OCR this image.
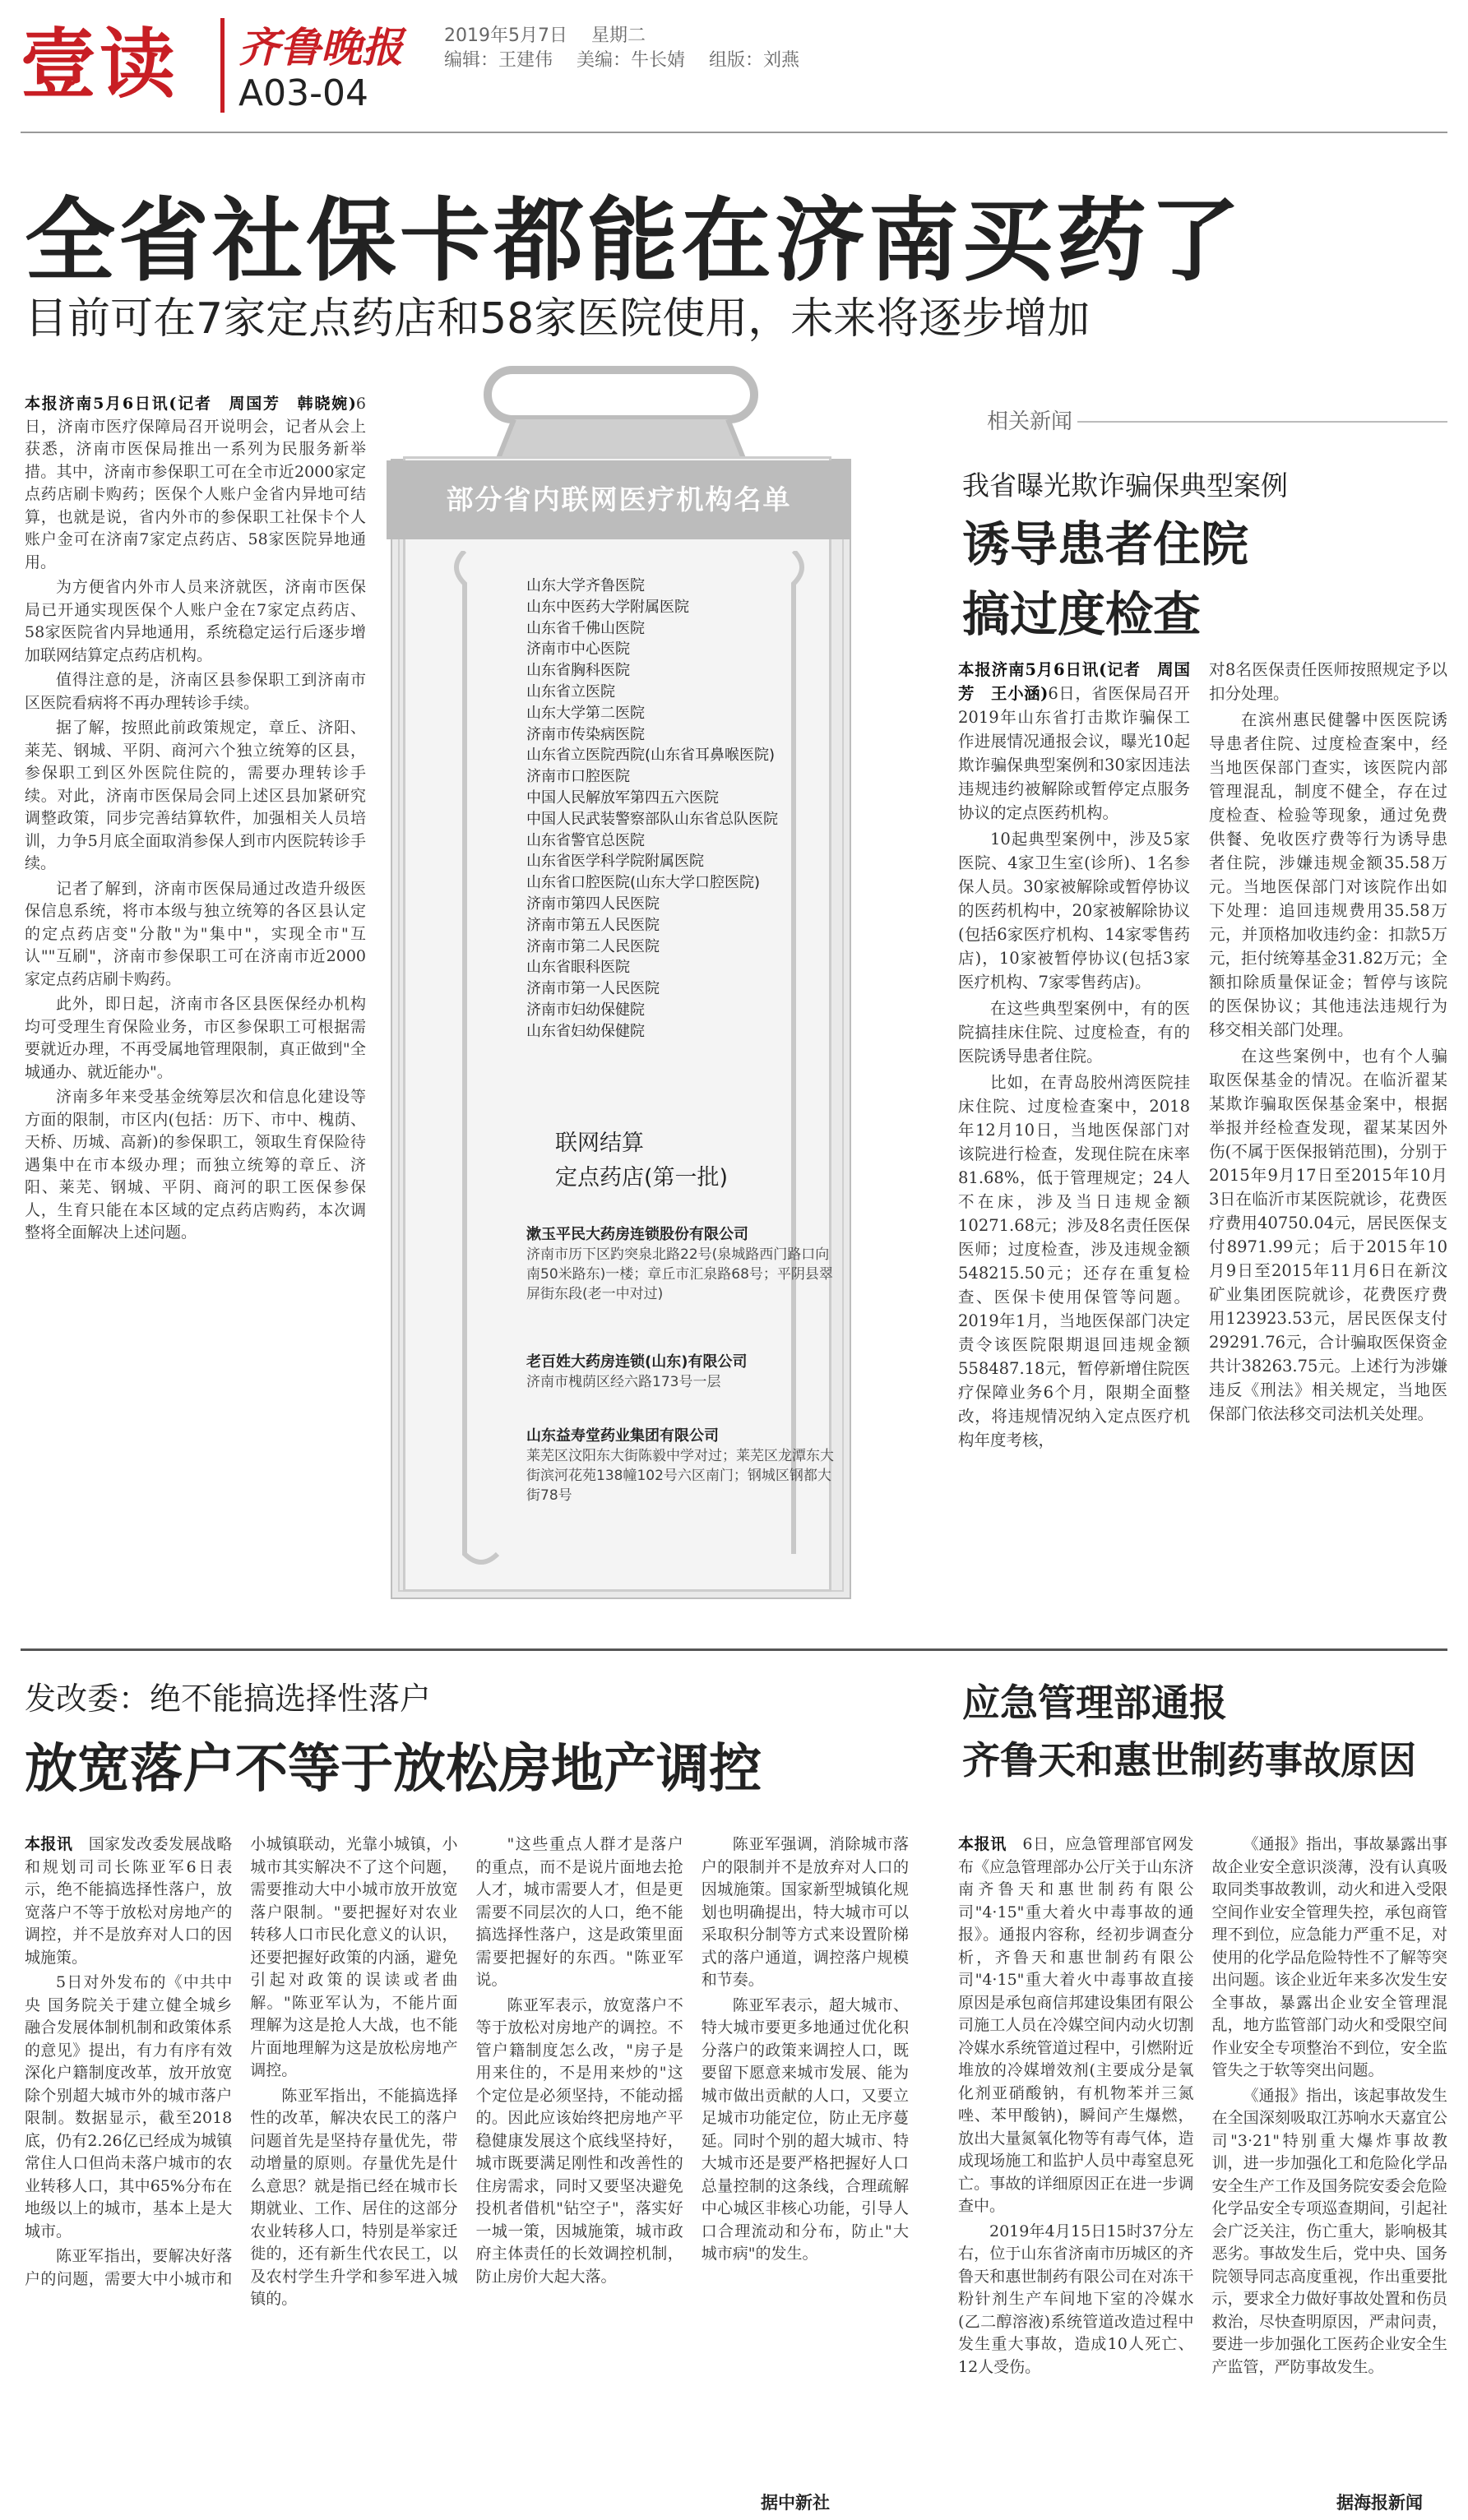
壹读 齐鲁晚报
A03-04
2019年5月7日　 星期二
编辑：王建伟　 美编：牛长婧　 组版：刘燕
全省社保卡都能在济南买药了
目前可在7家定点药店和58家医院使用，未来将逐步增加

本报济南5月6日讯(记者　周国芳　韩晓婉)6日，济南市医疗保障局召开说明会，记者从会上获悉，济南市医保局推出一系列为民服务新举措。其中，济南市参保职工可在全市近2000家定点药店刷卡购药；医保个人账户金省内异地可结算，也就是说，省内外市的参保职工社保卡个人账户金可在济南7家定点药店、58家医院异地通用。

为方便省内外市人员来济就医，济南市医保局已开通实现医保个人账户金在7家定点药店、58家医院省内异地通用，系统稳定运行后逐步增加联网结算定点药店机构。

值得注意的是，济南区县参保职工到济南市区医院看病将不再办理转诊手续。

据了解，按照此前政策规定，章丘、济阳、莱芜、钢城、平阴、商河六个独立统筹的区县，参保职工到区外医院住院的，需要办理转诊手续。对此，济南市医保局会同上述区县加紧研究调整政策，同步完善结算软件，加强相关人员培训，力争5月底全面取消参保人到市内医院转诊手续。

记者了解到，济南市医保局通过改造升级医保信息系统，将市本级与独立统筹的各区县认定的定点药店变"分散"为"集中"，实现全市"互认""互刷"，济南市参保职工可在济南市近2000家定点药店刷卡购药。

此外，即日起，济南市各区县医保经办机构均可受理生育保险业务，市区参保职工可根据需要就近办理，不再受属地管理限制，真正做到"全城通办、就近能办"。

济南多年来受基金统筹层次和信息化建设等方面的限制，市区内(包括：历下、市中、槐荫、天桥、历城、高新)的参保职工，领取生育保险待遇集中在市本级办理；而独立统筹的章丘、济阳、莱芜、钢城、平阴、商河的职工医保参保人，生育只能在本区域的定点药店购药，本次调整将全面解决上述问题。

部分省内联网医疗机构名单
山东大学齐鲁医院
山东中医药大学附属医院
山东省千佛山医院
济南市中心医院
山东省胸科医院
山东省立医院
山东大学第二医院
济南市传染病医院
山东省立医院西院(山东省耳鼻喉医院)
济南市口腔医院
中国人民解放军第四五六医院
中国人民武装警察部队山东省总队医院
山东省警官总医院
山东省医学科学院附属医院
山东省口腔医院(山东大学口腔医院)
济南市第四人民医院
济南市第五人民医院
济南市第二人民医院
山东省眼科医院
济南市第一人民医院
济南市妇幼保健院
山东省妇幼保健院
联网结算
定点药店(第一批)
漱玉平民大药房连锁股份有限公司
济南市历下区趵突泉北路22号(泉城路西门路口向南50米路东)一楼；章丘市汇泉路68号；平阴县翠屏街东段(老一中对过)
老百姓大药房连锁(山东)有限公司
济南市槐荫区经六路173号一层
山东益寿堂药业集团有限公司
莱芜区汶阳东大街陈毅中学对过；莱芜区龙潭东大街滨河花苑138幢102号六区南门；钢城区钢都大街78号
相关新闻
我省曝光欺诈骗保典型案例
诱导患者住院
搞过度检查

本报济南5月6日讯(记者　周国芳　王小涵)6日，省医保局召开2019年山东省打击欺诈骗保工作进展情况通报会议，曝光10起欺诈骗保典型案例和30家因违法违规违约被解除或暂停定点服务协议的定点医药机构。

10起典型案例中，涉及5家医院、4家卫生室(诊所)、1名参保人员。30家被解除或暂停协议的医药机构中，20家被解除协议(包括6家医疗机构、14家零售药店)，10家被暂停协议(包括3家医疗机构、7家零售药店)。

在这些典型案例中，有的医院搞挂床住院、过度检查，有的医院诱导患者住院。

比如，在青岛胶州湾医院挂床住院、过度检查案中，2018年12月10日，当地医保部门对该院进行检查，发现住院在床率81.68%，低于管理规定；24人不在床，涉及当日违规金额10271.68元；涉及8名责任医保医师；过度检查，涉及违规金额548215.50元；还存在重复检查、医保卡使用保管等问题。2019年1月，当地医保部门决定责令该医院限期退回违规金额558487.18元，暂停新增住院医疗保障业务6个月，限期全面整改，将违规情况纳入定点医疗机构年度考核，

对8名医保责任医师按照规定予以扣分处理。

在滨州惠民健馨中医医院诱导患者住院、过度检查案中，经当地医保部门查实，该医院内部管理混乱，制度不健全，存在过度检查、检验等现象，通过免费供餐、免收医疗费等行为诱导患者住院，涉嫌违规金额35.58万元。当地医保部门对该院作出如下处理：追回违规费用35.58万元，并顶格加收违约金：扣款5万元，拒付统筹基金31.82万元；全额扣除质量保证金；暂停与该院的医保协议；其他违法违规行为移交相关部门处理。

在这些案例中，也有个人骗取医保基金的情况。在临沂翟某某欺诈骗取医保基金案中，根据举报并经检查发现，翟某某因外伤(不属于医保报销范围)，分别于2015年9月17日至2015年10月3日在临沂市某医院就诊，花费医疗费用40750.04元，居民医保支付8971.99元；后于2015年10月9日至2015年11月6日在新汶矿业集团医院就诊，花费医疗费用123923.53元，居民医保支付29291.76元，合计骗取医保资金共计38263.75元。上述行为涉嫌违反《刑法》相关规定，当地医保部门依法移交司法机关处理。

发改委：绝不能搞选择性落户
放宽落户不等于放松房地产调控

本报讯　 国家发改委发展战略和规划司司长陈亚军6日表示，绝不能搞选择性落户，放宽落户不等于放松对房地产的调控，并不是放弃对人口的因城施策。

5日对外发布的《中共中央 国务院关于建立健全城乡融合发展体制机制和政策体系的意见》提出，有力有序有效深化户籍制度改革，放开放宽除个别超大城市外的城市落户限制。数据显示，截至2018底，仍有2.26亿已经成为城镇常住人口但尚未落户城市的农业转移人口，其中65%分布在地级以上的城市，基本上是大城市。

陈亚军指出，要解决好落户的问题，需要大中小城市和小城镇联动，光靠小城镇，小城市其实解决不了这个问题，需要推动大中小城市放开放宽落户限制。"要把握好对农业转移人口市民化意义的认识，还要把握好政策的内涵，避免引起对政策的误读或者曲解。"陈亚军认为，不能片面理解为这是抢人大战，也不能片面地理解为这是放松房地产调控。

陈亚军指出，不能搞选择性的改革，解决农民工的落户问题首先是坚持存量优先，带动增量的原则。存量优先是什么意思？就是指已经在城市长期就业、工作、居住的这部分农业转移人口，特别是举家迁徙的，还有新生代农民工，以及农村学生升学和参军进入城镇的。

"这些重点人群才是落户的重点，而不是说片面地去抢人才，城市需要人才，但是更需要不同层次的人口，绝不能搞选择性落户，这是政策里面需要把握好的东西。"陈亚军说。

陈亚军表示，放宽落户不等于放松对房地产的调控。不管户籍制度怎么改，"房子是用来住的，不是用来炒的"这个定位是必须坚持，不能动摇的。因此应该始终把房地产平稳健康发展这个底线坚持好，城市既要满足刚性和改善性的住房需求，同时又要坚决避免投机者借机"钻空子"，落实好一城一策，因城施策，城市政府主体责任的长效调控机制，防止房价大起大落。

陈亚军强调，消除城市落户的限制并不是放弃对人口的因城施策。国家新型城镇化规划也明确提出，特大城市可以采取积分制等方式来设置阶梯式的落户通道，调控落户规模和节奏。

陈亚军表示，超大城市、特大城市要更多地通过优化积分落户的政策来调控人口，既要留下愿意来城市发展、能为城市做出贡献的人口，又要立足城市功能定位，防止无序蔓延。同时个别的超大城市、特大城市还是要严格把握好人口总量控制的这条线，合理疏解中心城区非核心功能，引导人口合理流动和分布，防止"大城市病"的发生。

据中新社
应急管理部通报
齐鲁天和惠世制药事故原因

本报讯　 6日，应急管理部官网发布《应急管理部办公厅关于山东济南齐鲁天和惠世制药有限公司"4·15"重大着火中毒事故的通报》。通报内容称，经初步调查分析，齐鲁天和惠世制药有限公司"4·15"重大着火中毒事故直接原因是承包商信邦建设集团有限公司施工人员在冷媒空间内动火切割冷媒水系统管道过程中，引燃附近堆放的冷媒增效剂(主要成分是氧化剂亚硝酸钠，有机物苯并三氮唑、苯甲酸钠)，瞬间产生爆燃，放出大量氮氧化物等有毒气体，造成现场施工和监护人员中毒窒息死亡。事故的详细原因正在进一步调查中。

2019年4月15日15时37分左右，位于山东省济南市历城区的齐鲁天和惠世制药有限公司在对冻干粉针剂生产车间地下室的冷媒水(乙二醇溶液)系统管道改造过程中发生重大事故，造成10人死亡、12人受伤。

《通报》指出，事故暴露出事故企业安全意识淡薄，没有认真吸取同类事故教训，动火和进入受限空间作业安全管理失控，承包商管理不到位，应急能力严重不足，对使用的化学品危险特性不了解等突出问题。该企业近年来多次发生安全事故，暴露出企业安全管理混乱，地方监管部门动火和受限空间作业安全专项整治不到位，安全监管失之于软等突出问题。

《通报》指出，该起事故发生在全国深刻吸取江苏响水天嘉宜公司"3·21"特别重大爆炸事故教训，进一步加强化工和危险化学品安全生产工作及国务院安委会危险化学品安全专项巡查期间，引起社会广泛关注，伤亡重大，影响极其恶劣。事故发生后，党中央、国务院领导同志高度重视，作出重要批示，要求全力做好事故处置和伤员救治，尽快查明原因，严肃问责，要进一步加强化工医药企业安全生产监管，严防事故发生。

据海报新闻
